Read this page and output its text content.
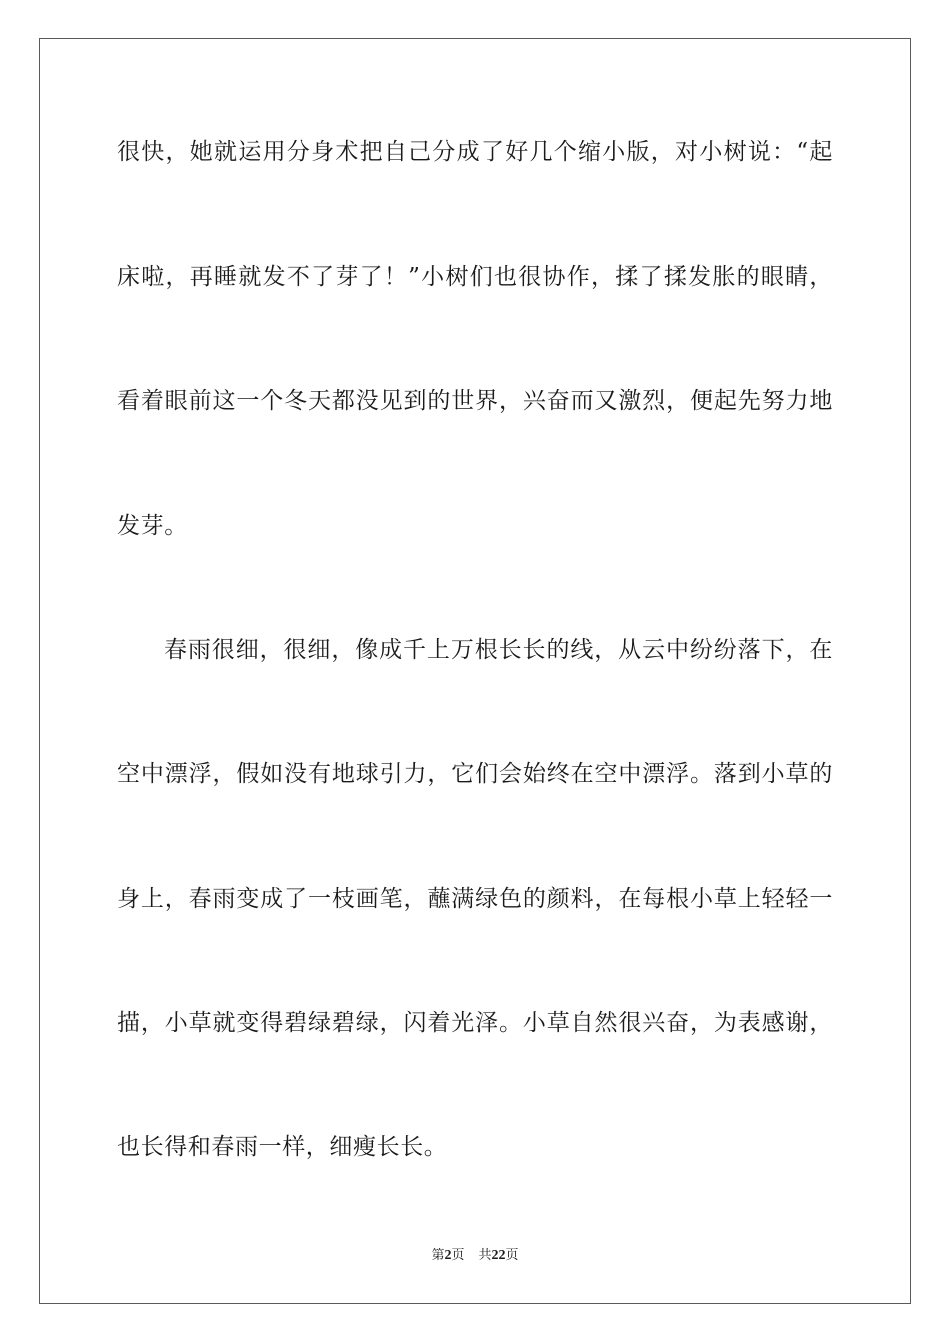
很快，她就运用分身术把自己分成了好几个缩小版，对小树说：“起

床啦，再睡就发不了芽了！”小树们也很协作，揉了揉发胀的眼睛，

看着眼前这一个冬天都没见到的世界，兴奋而又激烈，便起先努力地

发芽。

春雨很细，很细，像成千上万根长长的线，从云中纷纷落下，在

空中漂浮，假如没有地球引力，它们会始终在空中漂浮。落到小草的

身上，春雨变成了一枝画笔，蘸满绿色的颜料，在每根小草上轻轻一

描，小草就变得碧绿碧绿，闪着光泽。小草自然很兴奋，为表感谢，

也长得和春雨一样，细瘦长长。

第2页 共22页
